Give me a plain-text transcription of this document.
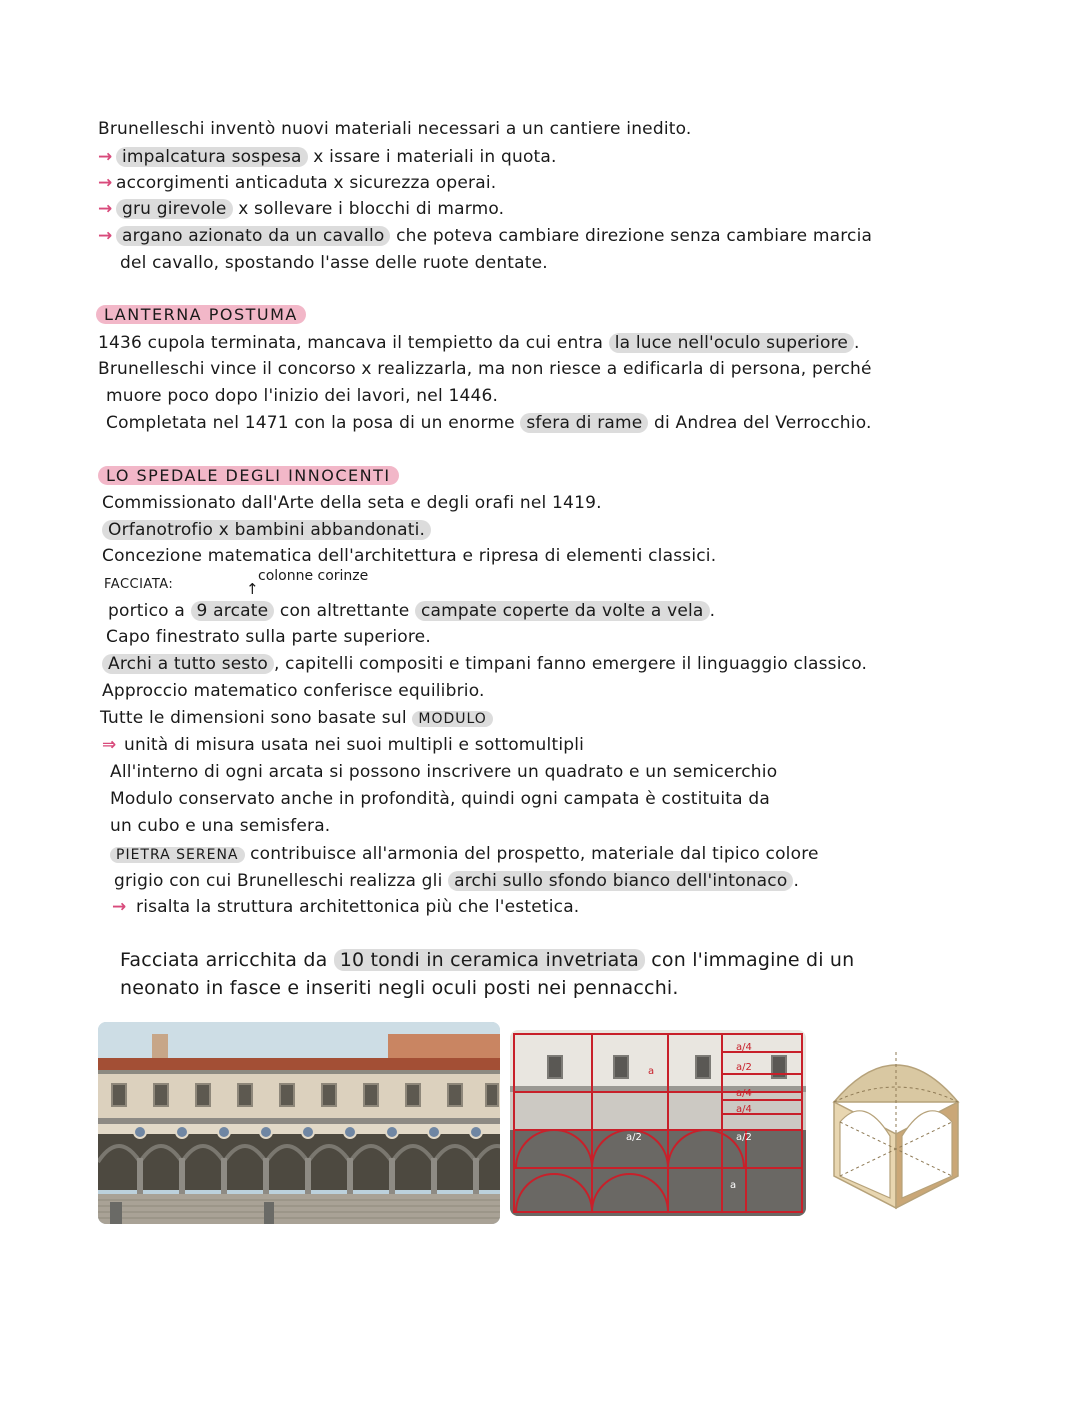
Brunelleschi inventò nuovi materiali necessari a un cantiere inedito.
→ impalcatura sospesa x issare i materiali in quota.
→ accorgimenti anticaduta x sicurezza operai.
→ gru girevole x sollevare i blocchi di marmo.
→ argano azionato da un cavallo che poteva cambiare direzione senza cambiare marcia
del cavallo, spostando l'asse delle ruote dentate.
LANTERNA POSTUMA
1436 cupola terminata, mancava il tempietto da cui entra la luce nell'oculo superiore .
Brunelleschi vince il concorso x realizzarla, ma non riesce a edificarla di persona, perché
muore poco dopo l'inizio dei lavori, nel 1446.
Completata nel 1471 con la posa di un enorme sfera di rame di Andrea del Verrocchio.
LO SPEDALE DEGLI INNOCENTI
Commissionato dall'Arte della seta e degli orafi nel 1419.
Orfanotrofio x bambini abbandonati.
Concezione matematica dell'architettura e ripresa di elementi classici.
FACCIATA:
colonne corinze
↑
portico a 9 arcate con altrettante campate coperte da volte a vela .
Capo finestrato sulla parte superiore.
Archi a tutto sesto , capitelli compositi e timpani fanno emergere il linguaggio classico.
Approccio matematico conferisce equilibrio.
Tutte le dimensioni sono basate sul MODULO
⇒ unità di misura usata nei suoi multipli e sottomultipli
All'interno di ogni arcata si possono inscrivere un quadrato e un semicerchio
Modulo conservato anche in profondità, quindi ogni campata è costituita da
un cubo e una semisfera.
PIETRA SERENA contribuisce all'armonia del prospetto, materiale dal tipico colore
grigio con cui Brunelleschi realizza gli archi sullo sfondo bianco dell'intonaco .
→ risalta la struttura architettonica più che l'estetica.
Facciata arricchita da 10 tondi in ceramica invetriata con l'immagine di un
neonato in fasce e inseriti negli oculi posti nei pennacchi.
a
a/4
a/2
a/4
a/4
a/2	a/2
a
